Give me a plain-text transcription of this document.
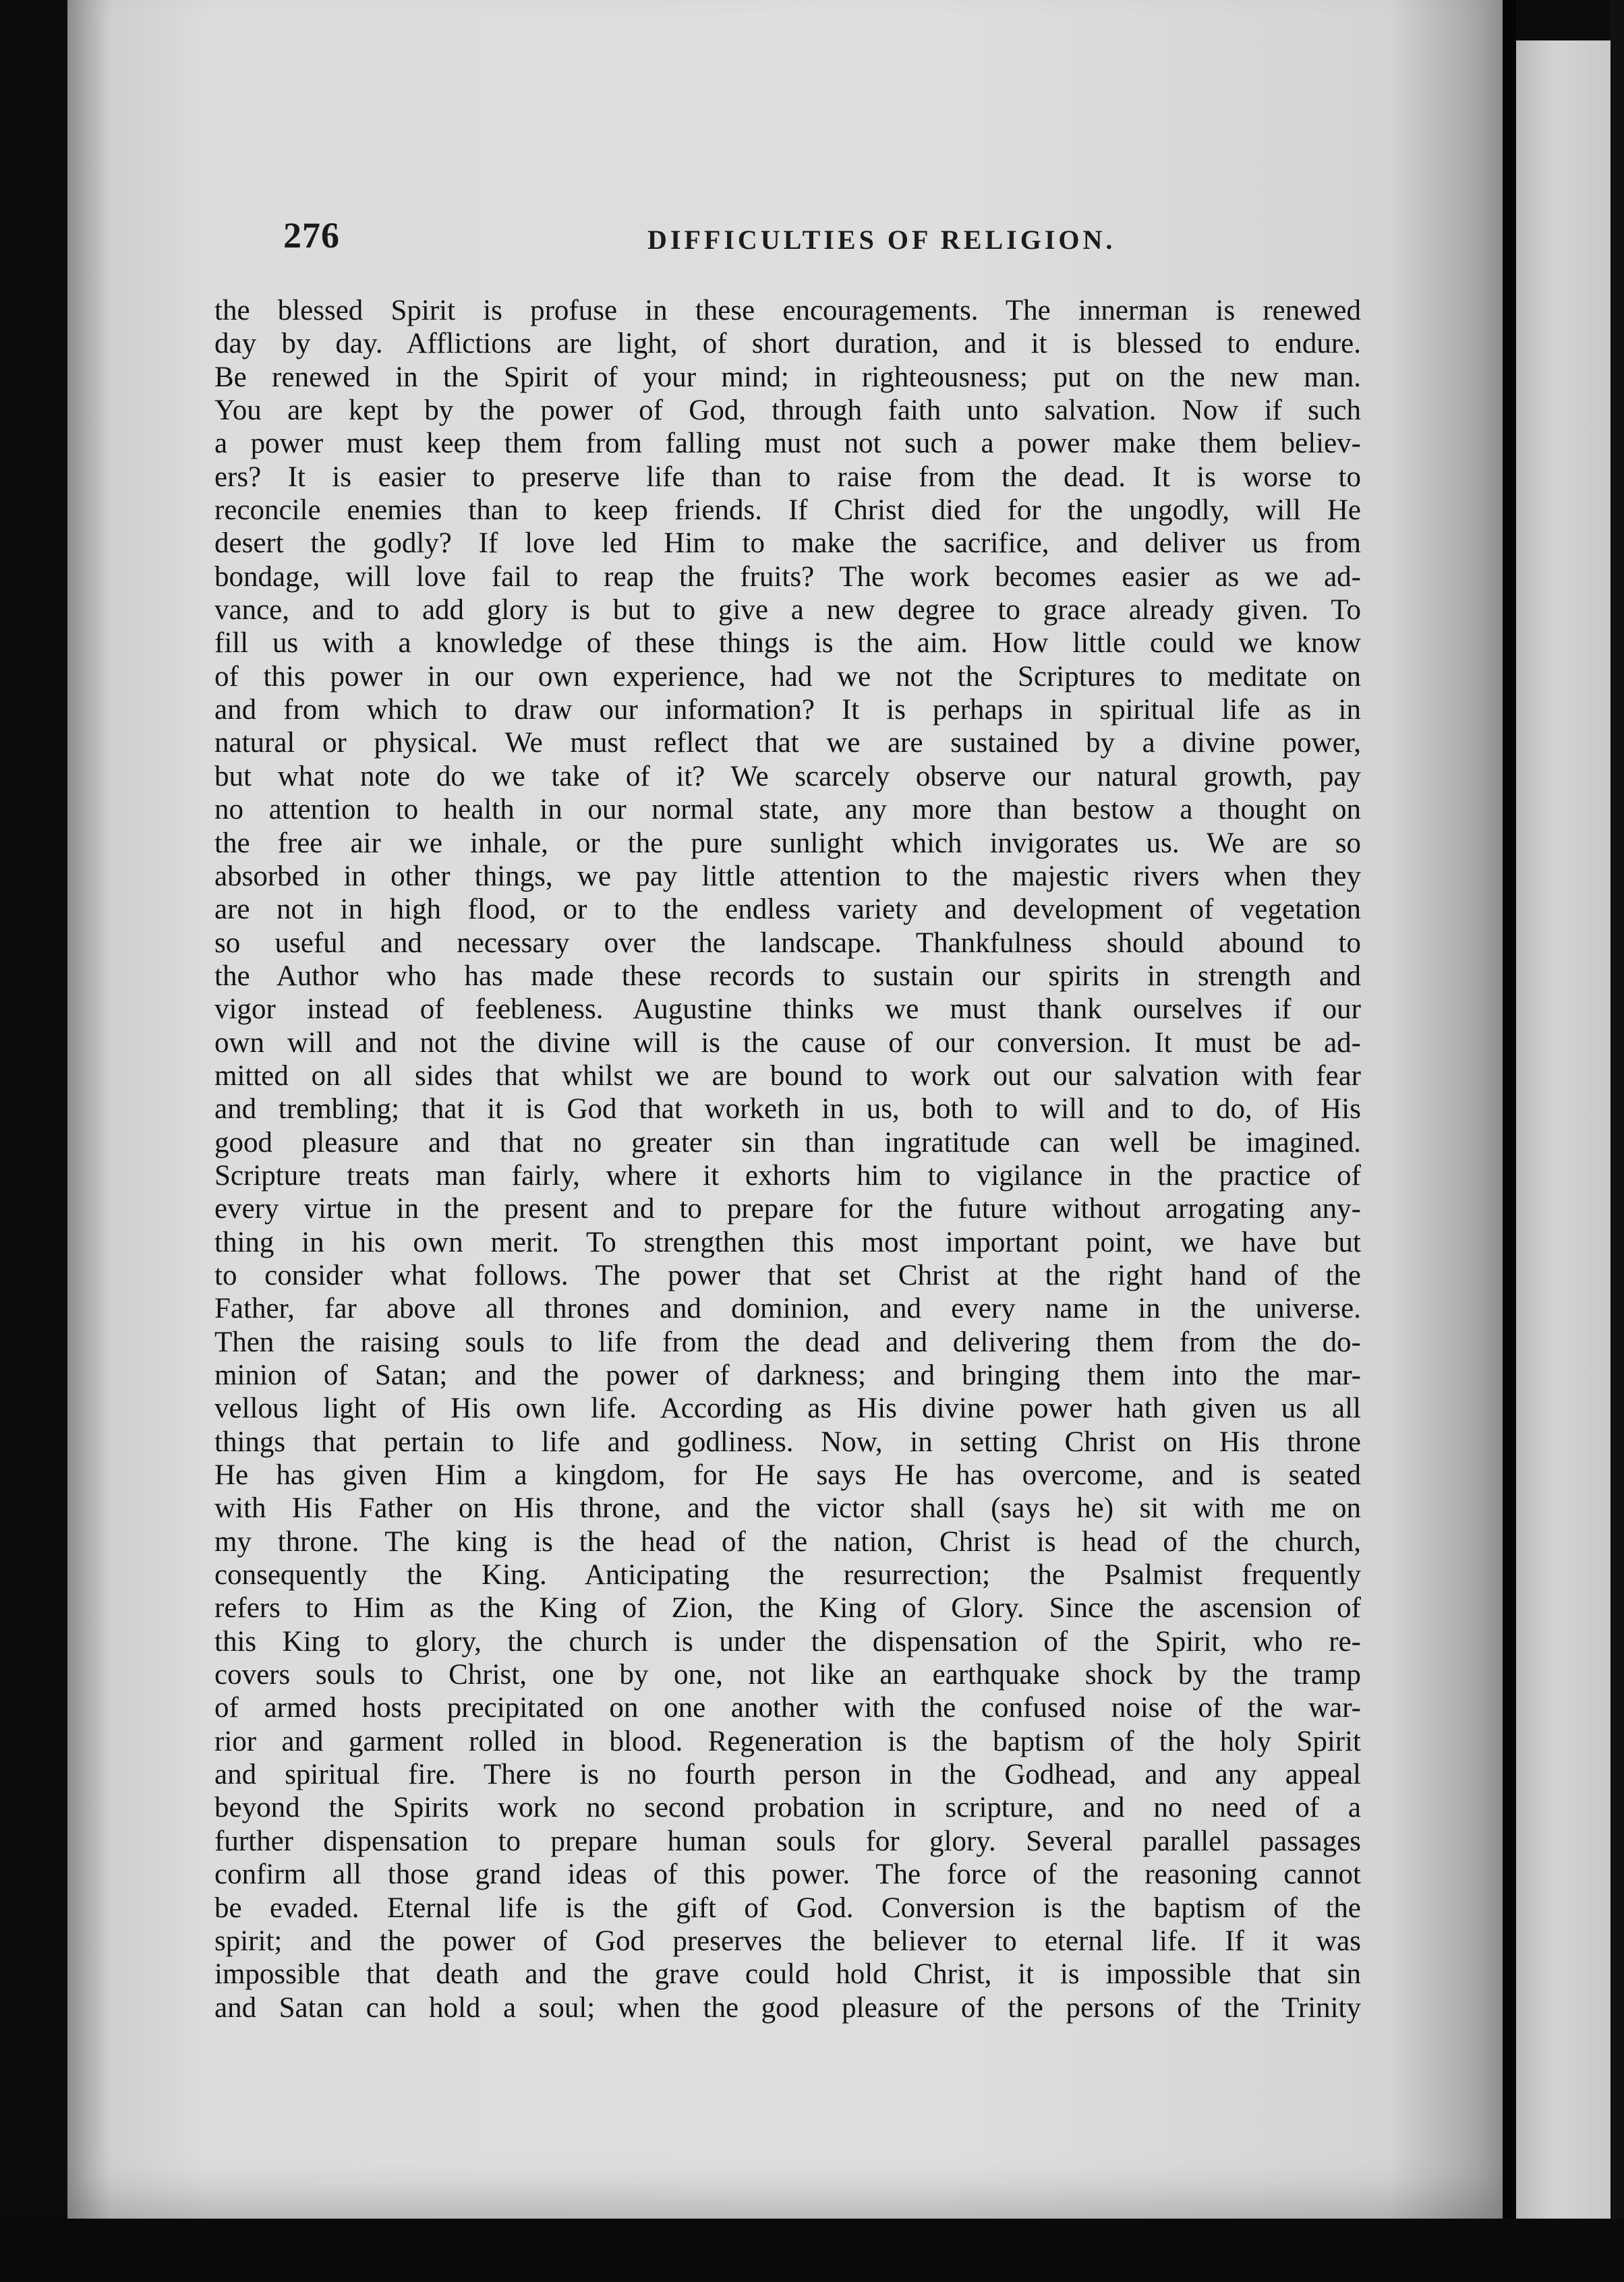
276	DIFFICULTIES OF RELIGION.
the blessed Spirit is profuse in these encouragements. The innerman is renewed
day by day. Afflictions are light, of short duration, and it is blessed to endure.
Be renewed in the Spirit of your mind; in righteousness; put on the new man.
You are kept by the power of God, through faith unto salvation. Now if such
a power must keep them from falling must not such a power make them believ-
ers? It is easier to preserve life than to raise from the dead. It is worse to
reconcile enemies than to keep friends. If Christ died for the ungodly, will He
desert the godly? If love led Him to make the sacrifice, and deliver us from
bondage, will love fail to reap the fruits? The work becomes easier as we ad-
vance, and to add glory is but to give a new degree to grace already given. To
fill us with a knowledge of these things is the aim. How little could we know
of this power in our own experience, had we not the Scriptures to meditate on
and from which to draw our information? It is perhaps in spiritual life as in
natural or physical. We must reflect that we are sustained by a divine power,
but what note do we take of it? We scarcely observe our natural growth, pay
no attention to health in our normal state, any more than bestow a thought on
the free air we inhale, or the pure sunlight which invigorates us. We are so
absorbed in other things, we pay little attention to the majestic rivers when they
are not in high flood, or to the endless variety and development of vegetation
so useful and necessary over the landscape. Thankfulness should abound to
the Author who has made these records to sustain our spirits in strength and
vigor instead of feebleness. Augustine thinks we must thank ourselves if our
own will and not the divine will is the cause of our conversion. It must be ad-
mitted on all sides that whilst we are bound to work out our salvation with fear
and trembling; that it is God that worketh in us, both to will and to do, of His
good pleasure and that no greater sin than ingratitude can well be imagined.
Scripture treats man fairly, where it exhorts him to vigilance in the practice of
every virtue in the present and to prepare for the future without arrogating any-
thing in his own merit. To strengthen this most important point, we have but
to consider what follows. The power that set Christ at the right hand of the
Father, far above all thrones and dominion, and every name in the universe.
Then the raising souls to life from the dead and delivering them from the do-
minion of Satan; and the power of darkness; and bringing them into the mar-
vellous light of His own life. According as His divine power hath given us all
things that pertain to life and godliness. Now, in setting Christ on His throne
He has given Him a kingdom, for He says He has overcome, and is seated
with His Father on His throne, and the victor shall (says he) sit with me on
my throne. The king is the head of the nation, Christ is head of the church,
consequently the King. Anticipating the resurrection; the Psalmist frequently
refers to Him as the King of Zion, the King of Glory. Since the ascension of
this King to glory, the church is under the dispensation of the Spirit, who re-
covers souls to Christ, one by one, not like an earthquake shock by the tramp
of armed hosts precipitated on one another with the confused noise of the war-
rior and garment rolled in blood. Regeneration is the baptism of the holy Spirit
and spiritual fire. There is no fourth person in the Godhead, and any appeal
beyond the Spirits work no second probation in scripture, and no need of a
further dispensation to prepare human souls for glory. Several parallel passages
confirm all those grand ideas of this power. The force of the reasoning cannot
be evaded. Eternal life is the gift of God. Conversion is the baptism of the
spirit; and the power of God preserves the believer to eternal life. If it was
impossible that death and the grave could hold Christ, it is impossible that sin
and Satan can hold a soul; when the good pleasure of the persons of the Trinity
